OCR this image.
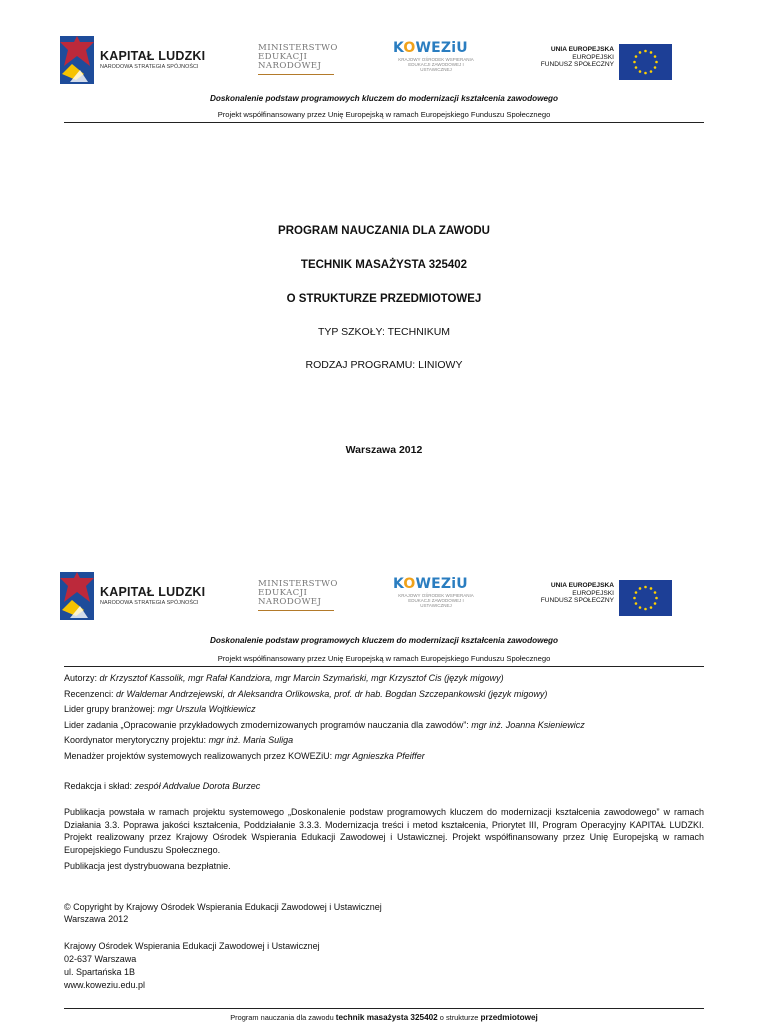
KAPITAŁ LUDZKI
NARODOWA STRATEGIA SPÓJNOŚCI
MINISTERSTWO
EDUKACJI
NARODOWEJ
KOWEZiU
KRAJOWY OŚRODEK WSPIERANIA EDUKACJI ZAWODOWEJ I USTAWICZNEJ
UNIA EUROPEJSKA
EUROPEJSKI
FUNDUSZ SPOŁECZNY
Doskonalenie podstaw programowych kluczem do modernizacji kształcenia zawodowego
Projekt współfinansowany przez Unię Europejską w ramach Europejskiego Funduszu Społecznego
PROGRAM NAUCZANIA DLA ZAWODU
TECHNIK MASAŻYSTA 325402
O STRUKTURZE PRZEDMIOTOWEJ
TYP SZKOŁY: TECHNIKUM
RODZAJ PROGRAMU: LINIOWY
Warszawa 2012
KAPITAŁ LUDZKI
NARODOWA STRATEGIA SPÓJNOŚCI
MINISTERSTWO
EDUKACJI
NARODOWEJ
KOWEZiU
KRAJOWY OŚRODEK WSPIERANIA EDUKACJI ZAWODOWEJ I USTAWICZNEJ
UNIA EUROPEJSKA
EUROPEJSKI
FUNDUSZ SPOŁECZNY
Doskonalenie podstaw programowych kluczem do modernizacji kształcenia zawodowego
Projekt współfinansowany przez Unię Europejską w ramach Europejskiego Funduszu Społecznego
Autorzy: dr Krzysztof Kassolik, mgr Rafał Kandziora, mgr Marcin Szymański, mgr Krzysztof Cis (język migowy)
Recenzenci: dr Waldemar Andrzejewski, dr Aleksandra Orlikowska, prof. dr hab. Bogdan Szczepankowski (język migowy)
Lider grupy branżowej: mgr Urszula Wojtkiewicz
Lider zadania „Opracowanie przykładowych zmodernizowanych programów nauczania dla zawodów”: mgr inż. Joanna Ksieniewicz
Koordynator merytoryczny projektu: mgr inż. Maria Suliga
Menadżer projektów systemowych realizowanych przez KOWEZiU: mgr Agnieszka Pfeiffer
Redakcja i skład: zespół Addvalue Dorota Burzec
Publikacja powstała w ramach projektu systemowego „Doskonalenie podstaw programowych kluczem do modernizacji kształcenia zawodowego” w ramach Działania 3.3. Poprawa jakości kształcenia, Poddziałanie 3.3.3. Modernizacja treści i metod kształcenia, Priorytet III, Program Operacyjny KAPITAŁ LUDZKI. Projekt realizowany przez Krajowy Ośrodek Wspierania Edukacji Zawodowej i Ustawicznej. Projekt współfinansowany przez Unię Europejską w ramach Europejskiego Funduszu Społecznego.
Publikacja jest dystrybuowana bezpłatnie.
© Copyright by Krajowy Ośrodek Wspierania Edukacji Zawodowej i Ustawicznej
Warszawa 2012
Krajowy Ośrodek Wspierania Edukacji Zawodowej i Ustawicznej
02-637 Warszawa
ul. Spartańska 1B
www.koweziu.edu.pl
Program nauczania dla zawodu technik masażysta 325402 o strukturze przedmiotowej
